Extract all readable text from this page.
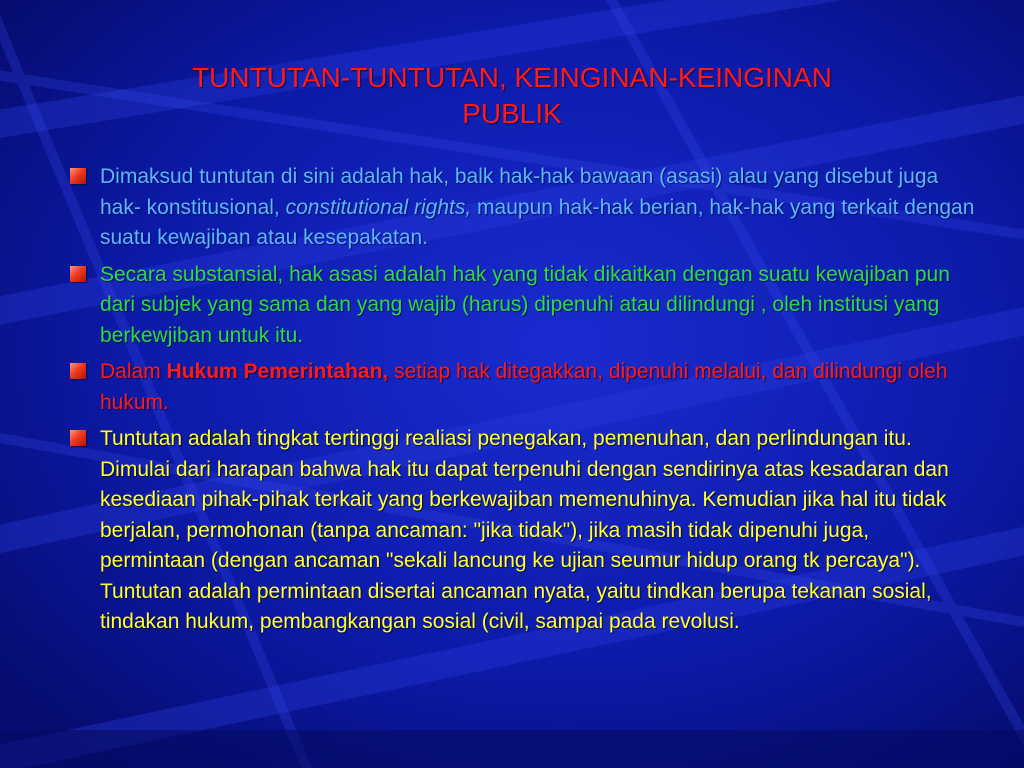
TUNTUTAN-TUNTUTAN, KEINGINAN-KEINGINAN
PUBLIK
Dimaksud tuntutan di sini adalah hak, balk hak-hak bawaan (asasi) alau yang disebut juga hak- konstitusional, constitutional rights, maupun hak-hak berian, hak-hak yang terkait dengan suatu kewajiban atau kesepakatan.
Secara substansial, hak asasi adalah hak yang tidak dikaitkan dengan suatu kewajiban pun dari subjek yang sama dan yang wajib (harus) dipenuhi atau dilindungi , oleh institusi yang berkewjiban untuk itu.
Dalam Hukum Pemerintahan, setiap hak ditegakkan, dipenuhi melalui, dan dilindungi oleh hukum.
Tuntutan adalah tingkat tertinggi realiasi penegakan, pemenuhan, dan perlindungan itu. Dimulai dari harapan bahwa hak itu dapat terpenuhi dengan sendirinya atas kesadaran dan kesediaan pihak-pihak terkait yang berkewajiban memenuhinya. Kemudian jika hal itu tidak berjalan, permohonan (tanpa ancaman: "jika tidak"), jika masih tidak dipenuhi juga, permintaan (dengan ancaman "sekali lancung ke ujian seumur hidup orang tk percaya"). Tuntutan adalah permintaan disertai ancaman nyata, yaitu tindkan berupa tekanan sosial, tindakan hukum, pembangkangan sosial (civil, sampai pada revolusi.
